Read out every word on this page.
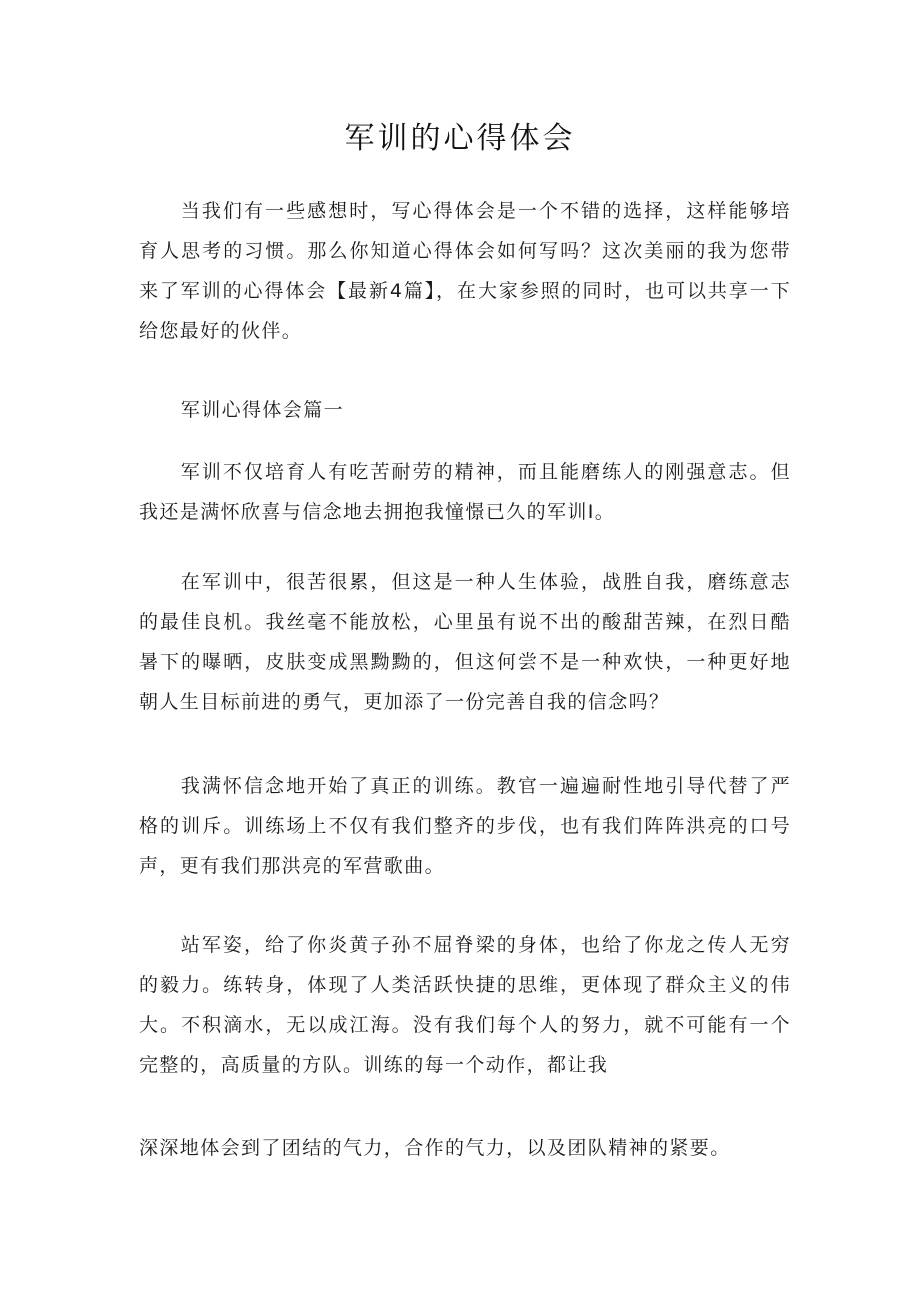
军训的心得体会

当我们有一些感想时，写心得体会是一个不错的选择，这样能够培育人思考的习惯。那么你知道心得体会如何写吗？这次美丽的我为您带来了军训的心得体会【最新4篇】，在大家参照的同时，也可以共享一下给您最好的伙伴。

军训心得体会篇一

军训不仅培育人有吃苦耐劳的精神，而且能磨练人的刚强意志。但我还是满怀欣喜与信念地去拥抱我憧憬已久的军训I。

在军训中，很苦很累，但这是一种人生体验，战胜自我，磨练意志的最佳良机。我丝毫不能放松，心里虽有说不出的酸甜苦辣，在烈日酷暑下的曝晒，皮肤变成黑黝黝的，但这何尝不是一种欢快，一种更好地朝人生目标前进的勇气，更加添了一份完善自我的信念吗？

我满怀信念地开始了真正的训练。教官一遍遍耐性地引导代替了严格的训斥。训练场上不仅有我们整齐的步伐，也有我们阵阵洪亮的口号声，更有我们那洪亮的军营歌曲。

站军姿，给了你炎黄子孙不屈脊梁的身体，也给了你龙之传人无穷的毅力。练转身，体现了人类活跃快捷的思维，更体现了群众主义的伟大。不积滴水，无以成江海。没有我们每个人的努力，就不可能有一个完整的，高质量的方队。训练的每一个动作，都让我

深深地体会到了团结的气力，合作的气力，以及团队精神的紧要。
